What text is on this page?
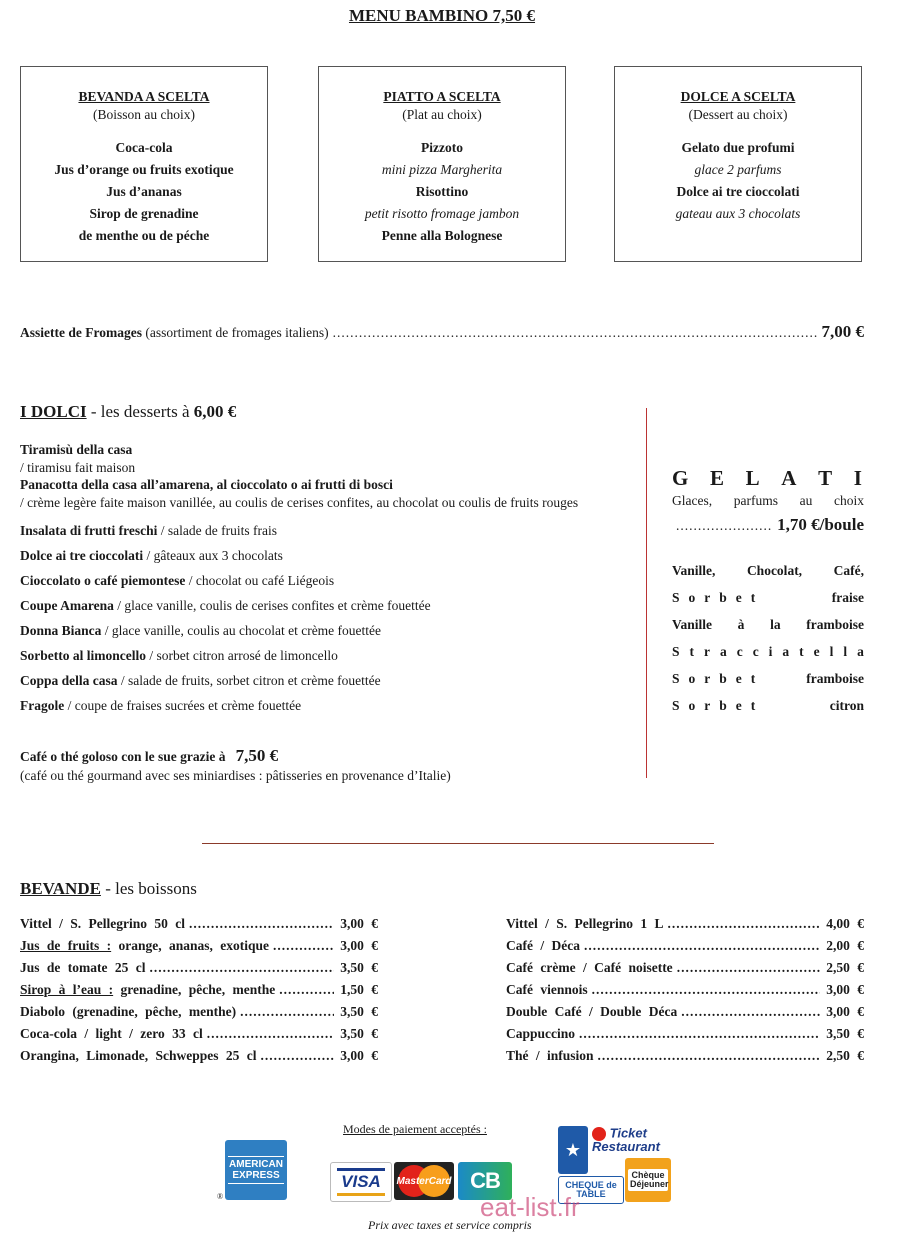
MENU BAMBINO 7,50 €
BEVANDA A SCELTA
(Boisson au choix)
Coca-cola
Jus d’orange ou fruits exotique
Jus d’ananas
Sirop de grenadine
de menthe ou de péche
PIATTO A SCELTA
(Plat au choix)
Pizzoto
mini pizza Margherita
Risottino
petit risotto fromage jambon
Penne alla Bolognese
DOLCE A SCELTA
(Dessert au choix)
Gelato due profumi
glace 2 parfums
Dolce ai tre cioccolati
gateau aux 3 chocolats
Assiette de Fromages (assortiment de fromages italiens) .....	7,00 €
I DOLCI - les desserts à 6,00 €
Tiramisù della casa
/ tiramisu fait maison
Panacotta della casa all’amarena, al cioccolato o ai frutti di bosci
/ crème legère faite maison vanillée, au coulis de cerises confites, au chocolat ou coulis de fruits rouges
Insalata di frutti freschi / salade de fruits frais
Dolce ai tre cioccolati / gâteaux aux 3 chocolats
Cioccolato o café piemontese / chocolat ou café Liégeois
Coupe Amarena / glace vanille, coulis de cerises confites et crème fouettée
Donna Bianca / glace vanille, coulis au chocolat et crème fouettée
Sorbetto al limoncello / sorbet citron arrosé de limoncello
Coppa della casa / salade de fruits, sorbet citron et crème fouettée
Fragole / coupe de fraises sucrées et crème fouettée
Café o thé goloso con le sue grazie à 7,50 €
(café ou thé gourmand avec ses miniardises : pâtisseries en provenance d’Italie)
G E L A T I
Glaces, parfums au choix
.....
1,70 €/boule
Vanille, Chocolat, Café,
S o r b e t	fraise
Vanille à la framboise
S t r a c c i a t e l l a
S o r b e t	framboise
S o r b e t	citron
BEVANDE - les boissons
Vittel / S. Pellegrino 50 cl .....	3,00 €
Jus de fruits : orange, ananas, exotique .....	3,00 €
Jus de tomate 25 cl .....	3,50 €
Sirop à l’eau : grenadine, pêche, menthe .....	1,50 €
Diabolo (grenadine, pêche, menthe) .....	3,50 €
Coca-cola / light / zero 33 cl .....	3,50 €
Orangina, Limonade, Schweppes 25 cl .....	3,00 €
Vittel / S. Pellegrino 1 L .....	4,00 €
Café / Déca .....	2,00 €
Café crème / Café noisette .....	2,50 €
Café viennois .....	3,00 €
Double Café / Double Déca .....	3,00 €
Cappuccino .....	3,50 €
Thé / infusion .....	2,50 €
Modes de paiement acceptés :
AMERICAN EXPRESS
®
VISA	MasterCard CB
★
Ticket Restaurant
CHEQUE de TABLE
Chèque Déjeuner
eat-list.fr
Prix avec taxes et service compris
